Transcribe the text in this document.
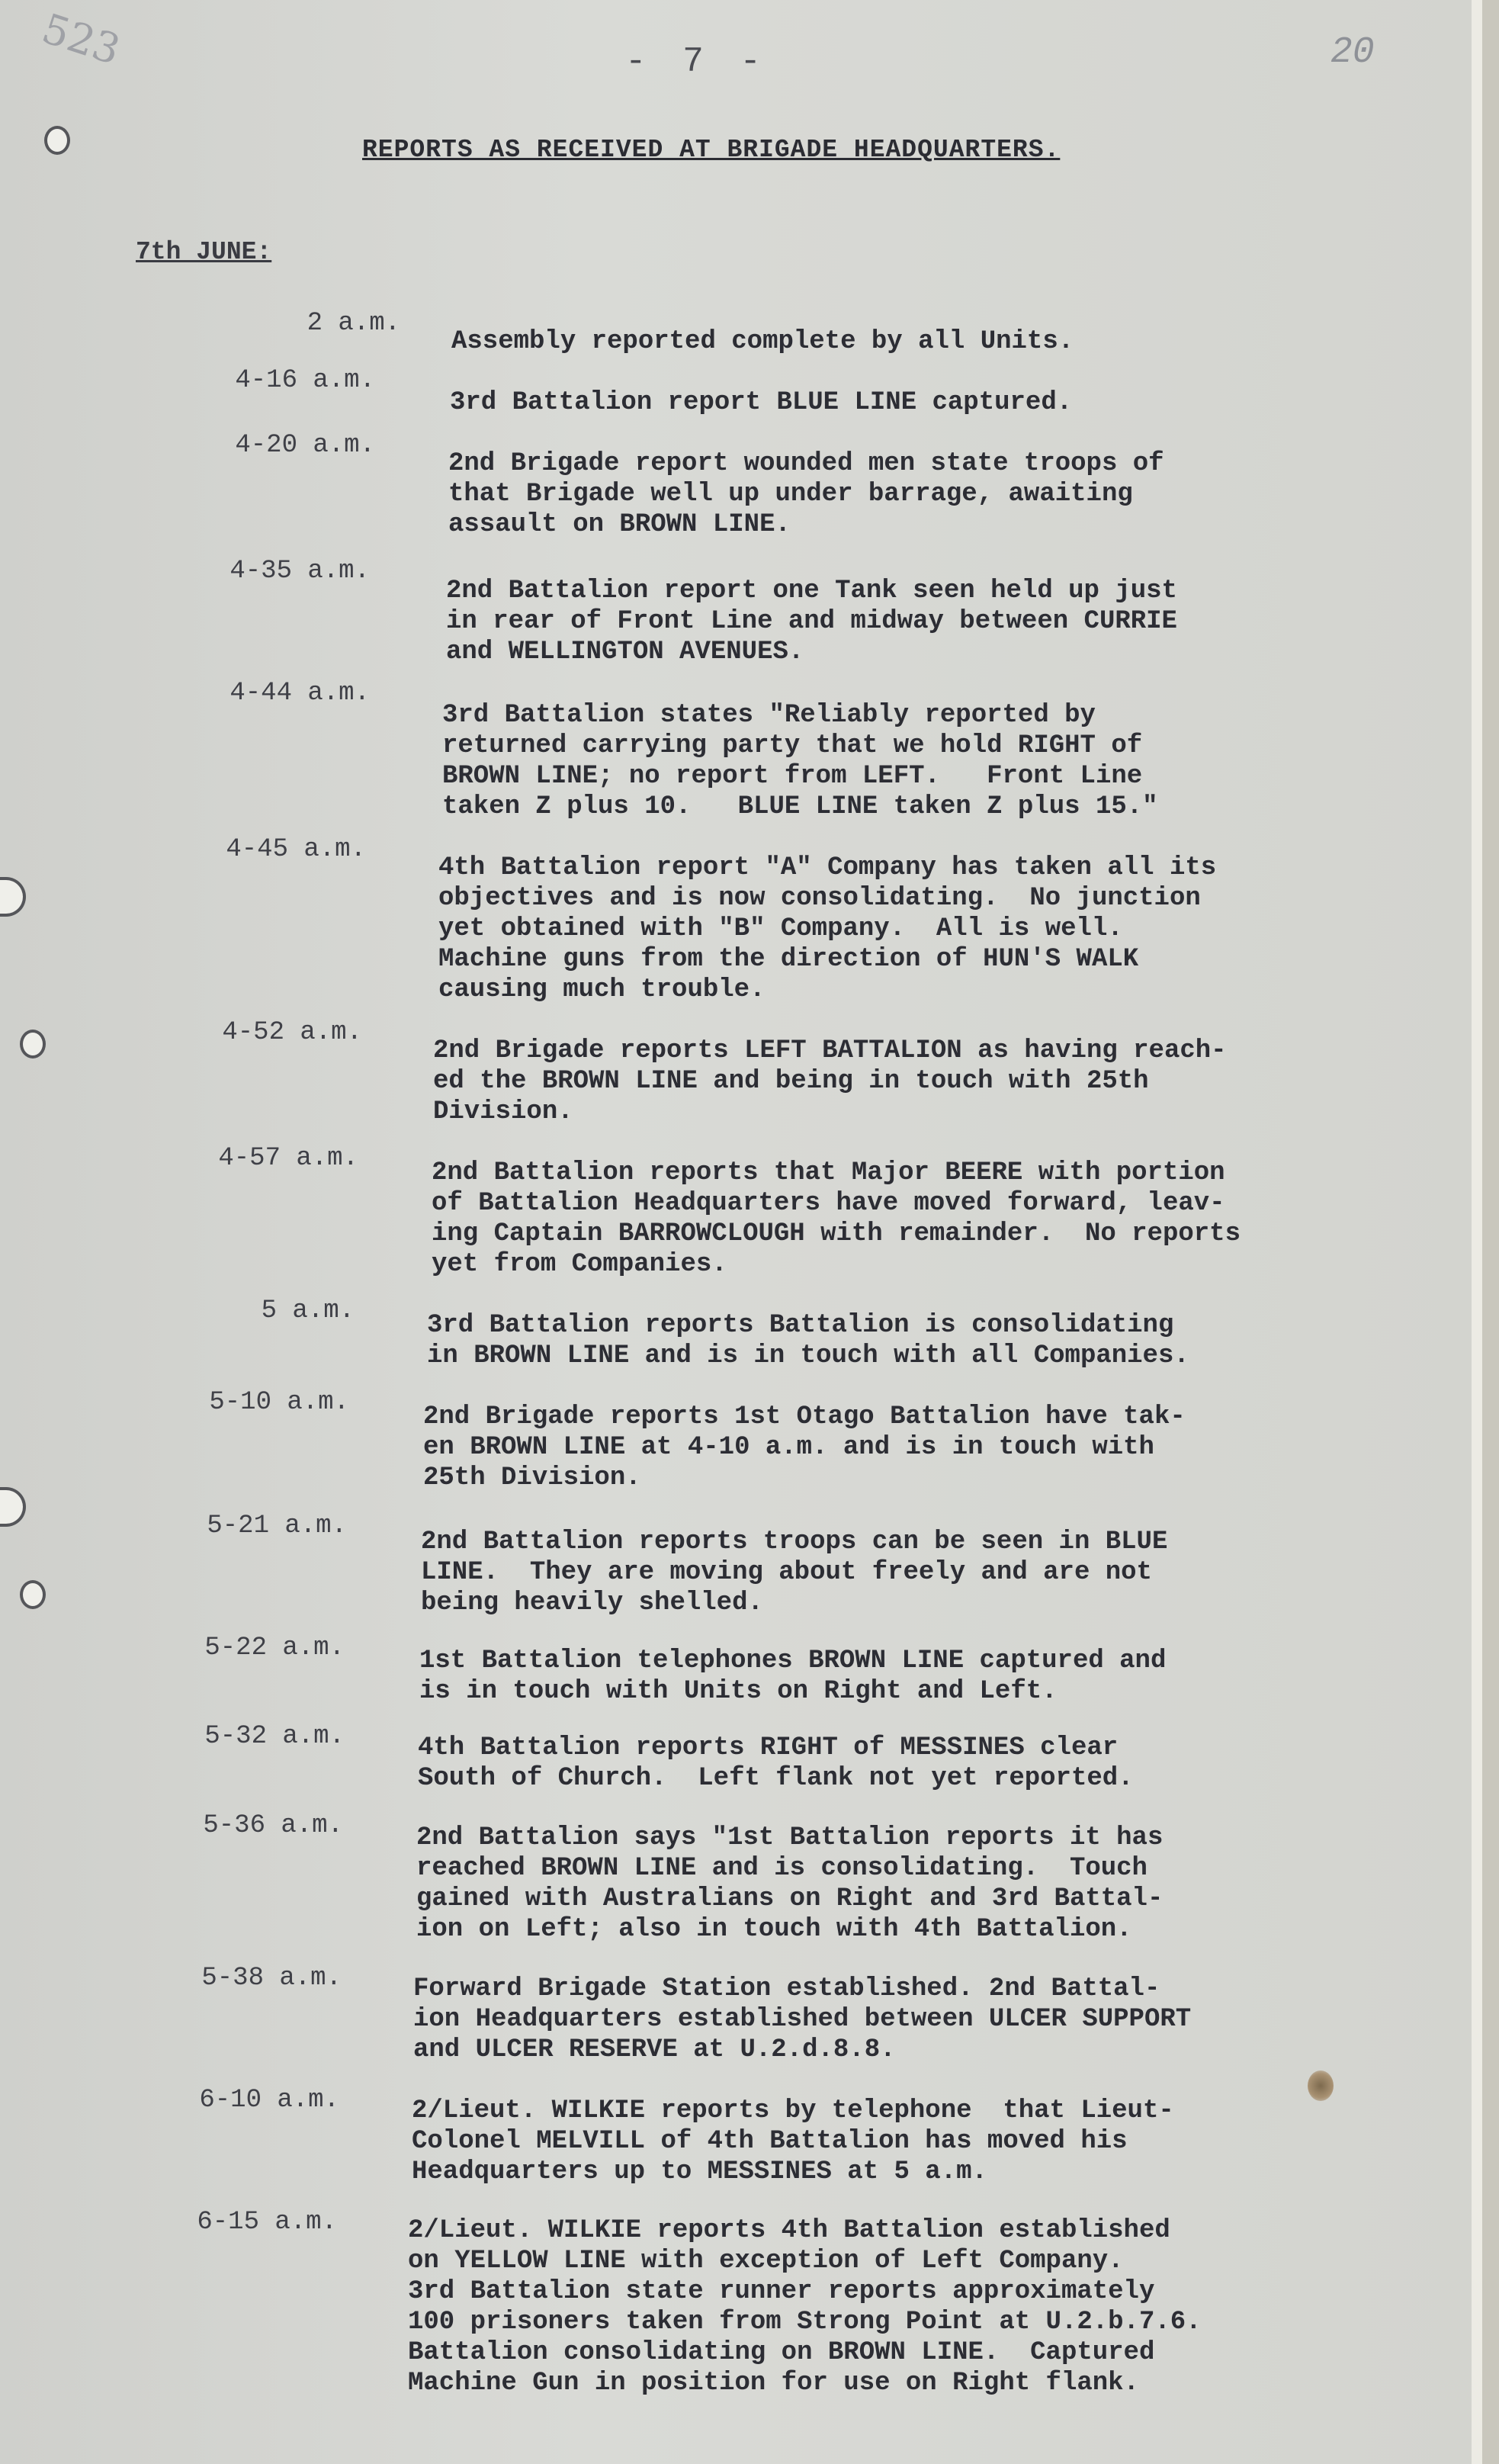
523	- 7 -	20
REPORTS AS RECEIVED AT BRIGADE HEADQUARTERS.
7th JUNE:
2 a.m.
Assembly reported complete by all Units.
4-16 a.m.
3rd Battalion report BLUE LINE captured.
4-20 a.m.
2nd Brigade report wounded men state troops of
that Brigade well up under barrage, awaiting
assault on BROWN LINE.
4-35 a.m.
2nd Battalion report one Tank seen held up just
in rear of Front Line and midway between CURRIE
and WELLINGTON AVENUES.
4-44 a.m.
3rd Battalion states "Reliably reported by
returned carrying party that we hold RIGHT of
BROWN LINE; no report from LEFT.   Front Line
taken Z plus 10.   BLUE LINE taken Z plus 15."
4-45 a.m.
4th Battalion report "A" Company has taken all its
objectives and is now consolidating.  No junction
yet obtained with "B" Company.  All is well.
Machine guns from the direction of HUN'S WALK
causing much trouble.
4-52 a.m.
2nd Brigade reports LEFT BATTALION as having reach-
ed the BROWN LINE and being in touch with 25th
Division.
4-57 a.m.	2nd Battalion reports that Major BEERE with portion
of Battalion Headquarters have moved forward, leav-
ing Captain BARROWCLOUGH with remainder.  No reports
yet from Companies.
5 a.m.	3rd Battalion reports Battalion is consolidating
in BROWN LINE and is in touch with all Companies.
5-10 a.m.	2nd Brigade reports 1st Otago Battalion have tak-
en BROWN LINE at 4-10 a.m. and is in touch with
25th Division.
5-21 a.m.
2nd Battalion reports troops can be seen in BLUE
LINE.  They are moving about freely and are not
being heavily shelled.
5-22 a.m.	1st Battalion telephones BROWN LINE captured and
is in touch with Units on Right and Left.
5-32 a.m.	4th Battalion reports RIGHT of MESSINES clear
South of Church.  Left flank not yet reported.
5-36 a.m.	2nd Battalion says "1st Battalion reports it has
reached BROWN LINE and is consolidating.  Touch
gained with Australians on Right and 3rd Battal-
ion on Left; also in touch with 4th Battalion.
5-38 a.m.	Forward Brigade Station established. 2nd Battal-
ion Headquarters established between ULCER SUPPORT
and ULCER RESERVE at U.2.d.8.8.
6-10 a.m.	2/Lieut. WILKIE reports by telephone  that Lieut-
Colonel MELVILL of 4th Battalion has moved his
Headquarters up to MESSINES at 5 a.m.
6-15 a.m.	2/Lieut. WILKIE reports 4th Battalion established
on YELLOW LINE with exception of Left Company.
3rd Battalion state runner reports approximately
100 prisoners taken from Strong Point at U.2.b.7.6.
Battalion consolidating on BROWN LINE.  Captured
Machine Gun in position for use on Right flank.
